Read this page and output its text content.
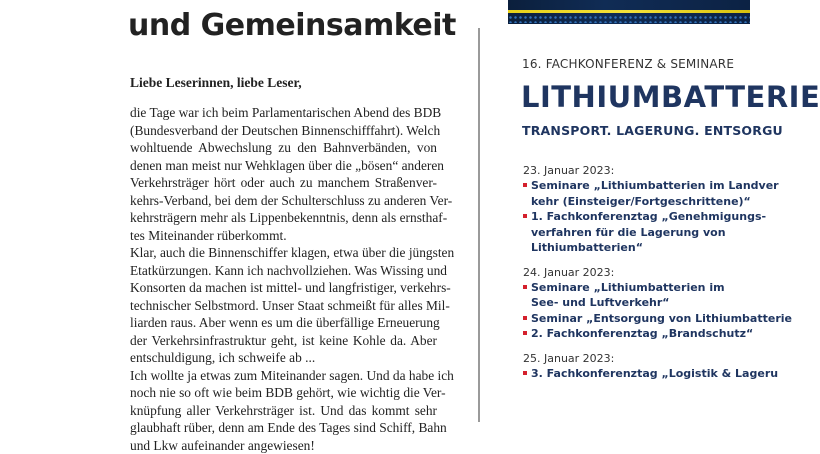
und Gemeinsamkeit

Liebe Leserinnen, liebe Leser,

die Tage war ich beim Parlamentarischen Abend des BDB
(Bundesverband der Deutschen Binnenschifffahrt). Welch
wohltuende Abwechslung zu den Bahnverbänden, von
denen man meist nur Wehklagen über die „bösen“ anderen
Verkehrsträger hört oder auch zu manchem Straßenver-
kehrs-Verband, bei dem der Schulterschluss zu anderen Ver-
kehrsträgern mehr als Lippenbekenntnis, denn als ernsthaf-
tes Miteinander rüberkommt.
Klar, auch die Binnenschiffer klagen, etwa über die jüngsten
Etatkürzungen. Kann ich nachvollziehen. Was Wissing und
Konsorten da machen ist mittel- und langfristiger, verkehrs-
technischer Selbstmord. Unser Staat schmeißt für alles Mil-
liarden raus. Aber wenn es um die überfällige Erneuerung
der Verkehrsinfrastruktur geht, ist keine Kohle da. Aber
entschuldigung, ich schweife ab ...
Ich wollte ja etwas zum Miteinander sagen. Und da habe ich
noch nie so oft wie beim BDB gehört, wie wichtig die Ver-
knüpfung aller Verkehrsträger ist. Und das kommt sehr
glaubhaft rüber, denn am Ende des Tages sind Schiff, Bahn
und Lkw aufeinander angewiesen!
16. FACHKONFERENZ & SEMINARE
LITHIUMBATTERIE
TRANSPORT. LAGERUNG. ENTSORGU
23. Januar 2023:
Seminare „Lithiumbatterien im Landver
kehr (Einsteiger/Fortgeschrittene)“
1. Fachkonferenztag „Genehmigungs-
verfahren für die Lagerung von
Lithiumbatterien“
24. Januar 2023:
Seminare „Lithiumbatterien im
See- und Luftverkehr“
Seminar „Entsorgung von Lithiumbatterie
2. Fachkonferenztag „Brandschutz“
25. Januar 2023:
3. Fachkonferenztag „Logistik & Lageru
